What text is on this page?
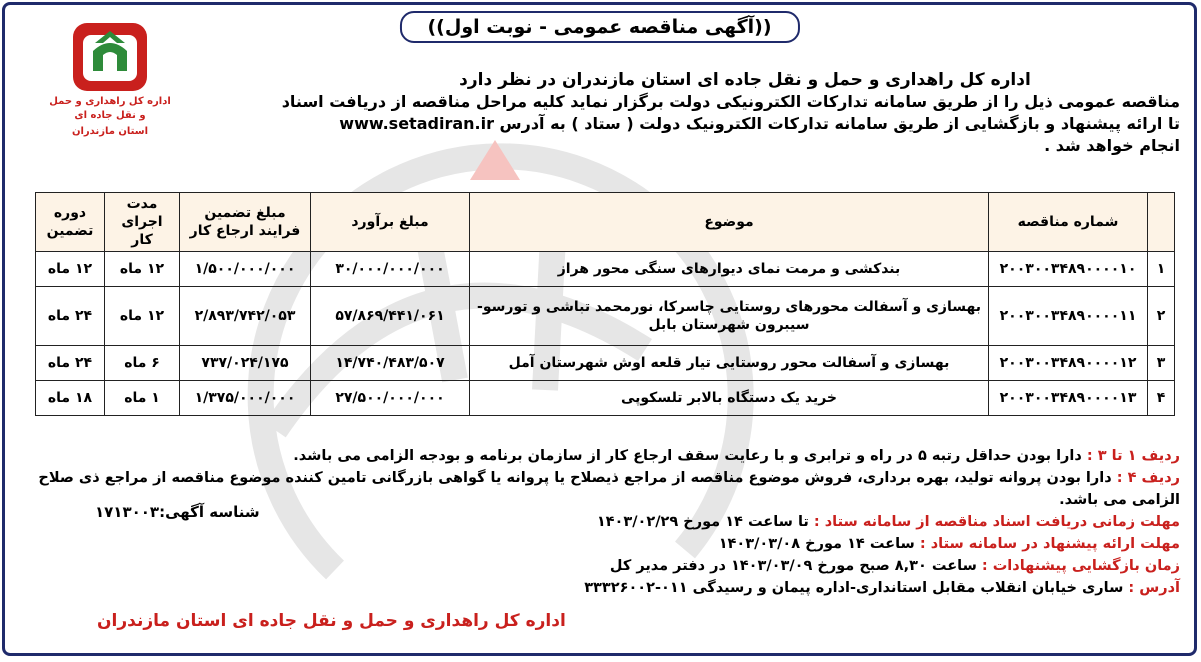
((آگهی مناقصه عمومی - نوبت اول))
اداره کل راهداری و حمل و نقل جاده ای
استان مازندران
اداره کل راهداری و حمل و نقل جاده ای استان مازندران در نظر دارد
مناقصه عمومی ذیل را از طریق سامانه تدارکات الکترونیکی دولت برگزار نماید کلیه مراحل مناقصه از دریافت اسناد
تا ارائه پیشنهاد و بازگشایی از طریق سامانه تدارکات الکترونیک دولت ( ستاد ) به آدرس www.setadiran.ir
انجام خواهد شد .
	شماره مناقصه	موضوع	مبلغ برآورد	مبلغ تضمین فرایند ارجاع کار	مدت اجرای کار	دوره تضمین
۱	۲۰۰۳۰۰۳۴۸۹۰۰۰۰۱۰	بندکشی و مرمت نمای دیوارهای سنگی محور هراز	۳۰/۰۰۰/۰۰۰/۰۰۰	۱/۵۰۰/۰۰۰/۰۰۰	۱۲ ماه	۱۲ ماه
۲	۲۰۰۳۰۰۳۴۸۹۰۰۰۰۱۱	بهسازی و آسفالت محورهای روستایی چاسرکا، نورمحمد تباشی و تورسو-سیبرون شهرستان بابل	۵۷/۸۶۹/۴۴۱/۰۶۱	۲/۸۹۳/۷۴۲/۰۵۳	۱۲ ماه	۲۴ ماه
۳	۲۰۰۳۰۰۳۴۸۹۰۰۰۰۱۲	بهسازی و آسفالت محور روستایی تیار قلعه اوش شهرستان آمل	۱۴/۷۴۰/۴۸۳/۵۰۷	۷۳۷/۰۲۴/۱۷۵	۶ ماه	۲۴ ماه
۴	۲۰۰۳۰۰۳۴۸۹۰۰۰۰۱۳	خرید یک دستگاه بالابر تلسکوپی	۲۷/۵۰۰/۰۰۰/۰۰۰	۱/۳۷۵/۰۰۰/۰۰۰	۱ ماه	۱۸ ماه
ردیف ۱ تا ۳ : دارا بودن حداقل رتبه ۵ در راه و ترابری و با رعایت سقف ارجاع کار از سازمان برنامه و بودجه الزامی می باشد.
ردیف ۴ : دارا بودن پروانه تولید، بهره برداری، فروش موضوع مناقصه از مراجع ذیصلاح یا پروانه یا گواهی بازرگانی تامین کننده موضوع مناقصه از مراجع ذی صلاح
الزامی می باشد.
مهلت زمانی دریافت اسناد مناقصه از سامانه ستاد : تا ساعت ۱۴ مورخ ۱۴۰۳/۰۲/۲۹
مهلت ارائه پیشنهاد در سامانه ستاد : ساعت ۱۴ مورخ ۱۴۰۳/۰۳/۰۸
زمان بازگشایی پیشنهادات : ساعت ۸,۳۰ صبح مورخ ۱۴۰۳/۰۳/۰۹ در دفتر مدیر کل
آدرس : ساری خیابان انقلاب مقابل استانداری-اداره پیمان و رسیدگی ۰۱۱-۳۳۳۲۶۰۰۲
شناسه آگهی:۱۷۱۳۰۰۳
اداره کل راهداری و حمل و نقل جاده ای استان مازندران
